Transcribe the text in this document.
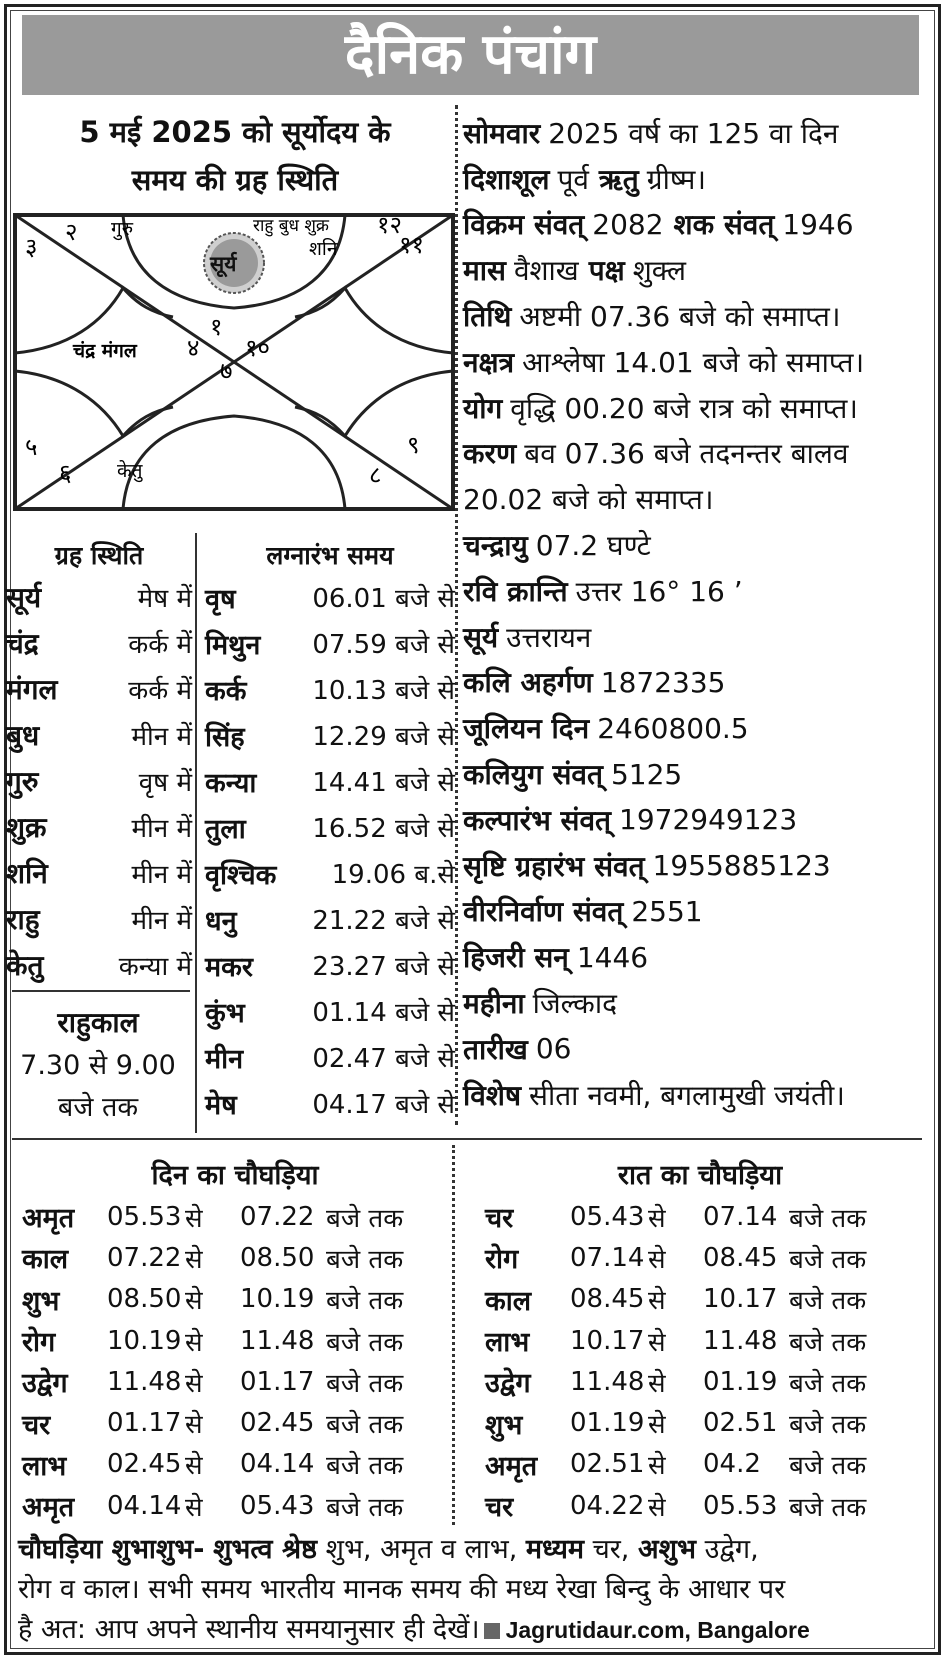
दैनिक पंचांग
5 मई 2025 को सूर्योदय के
समय की ग्रह स्थिति
२
३
१
४ १०
७
११
१२
५
६
९
८
गुरु	राहु बुध शुक्र
शनि
सूर्य
चंद्र मंगल
केतु
ग्रह स्थिति
सूर्य	मेष में
चंद्र	कर्क में
मंगल	कर्क में
बुध	मीन में
गुरु	वृष में
शुक्र	मीन में
शनि	मीन में
राहु	मीन में
केतु	कन्या में
राहुकाल
7.30 से 9.00
बजे तक
लग्नारंभ समय
वृष	06.01 बजे से
मिथुन	07.59 बजे से
कर्क	10.13 बजे से
सिंह	12.29 बजे से
कन्या	14.41 बजे से
तुला	16.52 बजे से
वृश्चिक	19.06 ब.से
धनु	21.22 बजे से
मकर	23.27 बजे से
कुंभ	01.14 बजे से
मीन	02.47 बजे से
मेष	04.17 बजे से
सोमवार 2025 वर्ष का 125 वा दिन
दिशाशूल पूर्व ऋतु ग्रीष्म।
विक्रम संवत् 2082 शक संवत् 1946
मास वैशाख पक्ष शुक्ल
तिथि अष्टमी 07.36 बजे को समाप्त।
नक्षत्र आश्लेषा 14.01 बजे को समाप्त।
योग वृद्धि 00.20 बजे रात्र को समाप्त।
करण बव 07.36 बजे तदनन्तर बालव
20.02 बजे को समाप्त।
चन्द्रायु 07.2 घण्टे
रवि क्रान्ति उत्तर 16° 16 ’
सूर्य उत्तरायन
कलि अहर्गण 1872335
जूलियन दिन 2460800.5
कलियुग संवत् 5125
कल्पारंभ संवत् 1972949123
सृष्टि ग्रहारंभ संवत् 1955885123
वीरनिर्वाण संवत् 2551
हिजरी सन् 1446
महीना जिल्काद
तारीख 06
विशेष सीता नवमी, बगलामुखी जयंती।
दिन का चौघड़िया	रात का चौघड़िया
अमृत	05.53 से	07.22 बजे तक
काल	07.22 से	08.50 बजे तक
शुभ	08.50 से	10.19 बजे तक
रोग	10.19 से	11.48 बजे तक
उद्वेग	11.48 से	01.17 बजे तक
चर	01.17 से	02.45 बजे तक
लाभ	02.45 से	04.14 बजे तक
अमृत	04.14 से	05.43 बजे तक
चर	05.43 से	07.14 बजे तक
रोग	07.14 से	08.45 बजे तक
काल	08.45 से	10.17 बजे तक
लाभ	10.17 से	11.48 बजे तक
उद्वेग	11.48 से	01.19 बजे तक
शुभ	01.19 से	02.51 बजे तक
अमृत	02.51 से	04.2	बजे तक
चर	04.22 से	05.53 बजे तक
चौघड़िया शुभाशुभ- शुभत्व श्रेष्ठ शुभ, अमृत व लाभ, मध्यम चर, अशुभ उद्वेग,
रोग व काल। सभी समय भारतीय मानक समय की मध्य रेखा बिन्दु के आधार पर
है अत: आप अपने स्थानीय समयानुसार ही देखें। Jagrutidaur.com, Bangalore
